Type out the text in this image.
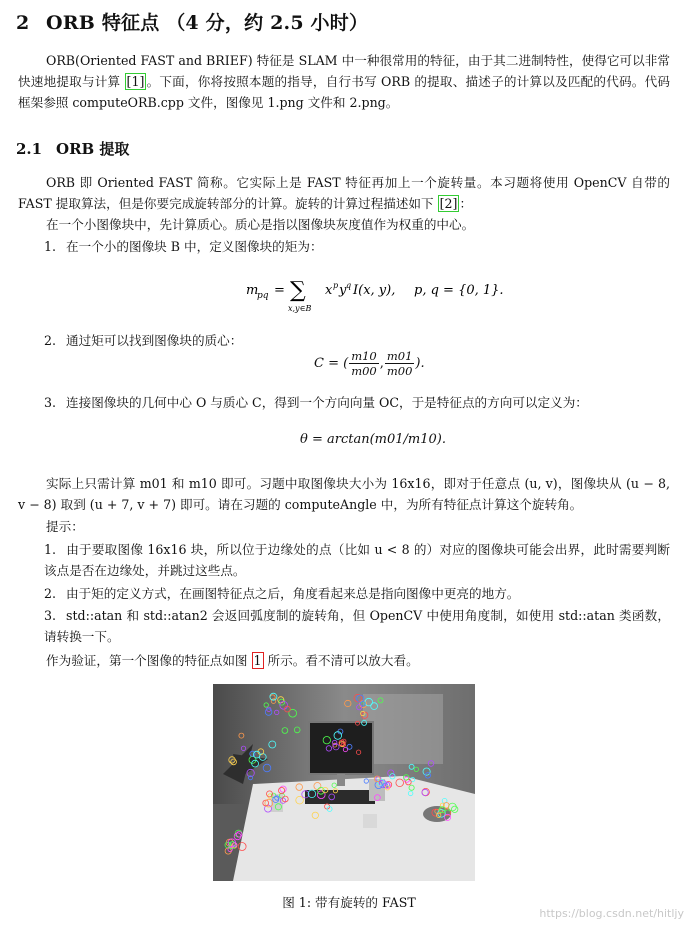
2 ORB 特征点 （4 分，约 2.5 小时）
ORB(Oriented FAST and BRIEF) 特征是 SLAM 中一种很常用的特征，由于其二进制特性，使得它可以非常快速地提取与计算 [1] 。下面，你将按照本题的指导，自行书写 ORB 的提取、描述子的计算以及匹配的代码。代码框架参照 computeORB.cpp 文件，图像见 1.png 文件和 2.png。
2.1 ORB 提取
ORB 即 Oriented FAST 简称。它实际上是 FAST 特征再加上一个旋转量。本习题将使用 OpenCV 自带的 FAST 提取算法，但是你要完成旋转部分的计算。旋转的计算过程描述如下 [2] ：
在一个小图像块中，先计算质心。质心是指以图像块灰度值作为权重的中心。
1. 在一个小的图像块 B 中，定义图像块的矩为：
m
pq = ∑
x,y∈B
x p y q I(x, y), p, q = {0, 1}.
2. 通过矩可以找到图像块的质心：
C = ( $\frac{m10}{m00}$ , $\frac{m01}{m00}$ ).
3. 连接图像块的几何中心 O 与质心 C，得到一个方向向量 OC，于是特征点的方向可以定义为：
θ = arctan(m01/m10).
实际上只需计算 m01 和 m10 即可。习题中取图像块大小为 16x16，即对于任意点 (u, v)，图像块从 (u − 8, v − 8) 取到 (u + 7, v + 7) 即可。请在习题的 computeAngle 中，为所有特征点计算这个旋转角。
提示：
1. 由于要取图像 16x16 块，所以位于边缘处的点（比如 u < 8 的）对应的图像块可能会出界，此时需要判断该点是否在边缘处，并跳过这些点。
2. 由于矩的定义方式，在画图特征点之后，角度看起来总是指向图像中更亮的地方。
3. std::atan 和 std::atan2 会返回弧度制的旋转角，但 OpenCV 中使用角度制，如使用 std::atan 类函数，请转换一下。
作为验证，第一个图像的特征点如图 1 所示。看不清可以放大看。
图 1: 带有旋转的 FAST
https://blog.csdn.net/hitljy
